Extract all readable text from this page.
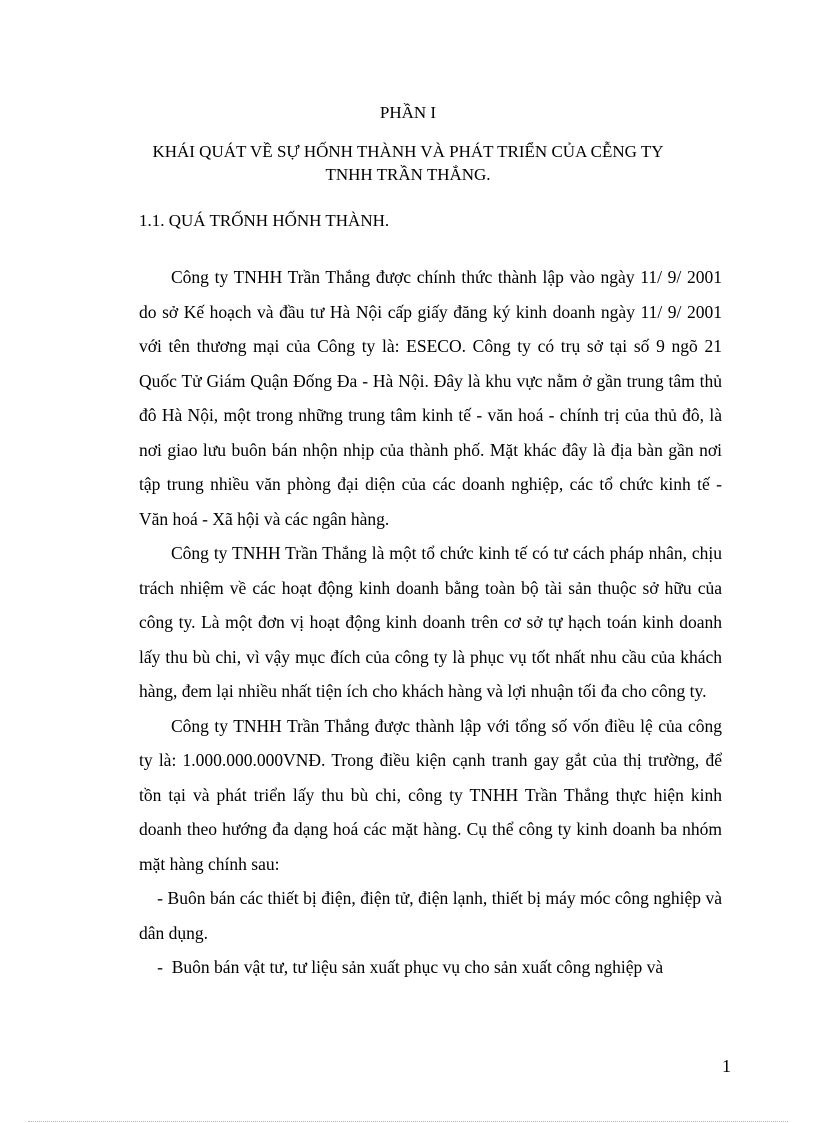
PHẦN I
KHÁI QUÁT VỀ SỰ HỐNH THÀNH VÀ PHÁT TRIỂN CỦA CỄNG TY TNHH TRẦN THẮNG.
1.1. QUÁ TRỐNH HỐNH THÀNH.

Công ty TNHH Trần Thắng được chính thức thành lập vào ngày 11/ 9/ 2001 do sở Kế hoạch và đầu tư Hà Nội cấp giấy đăng ký kinh doanh ngày 11/ 9/ 2001 với tên thương mại của Công ty là: ESECO. Công ty có trụ sở tại số 9 ngõ 21 Quốc Tử Giám Quận Đống Đa - Hà Nội. Đây là khu vực nằm ở gần trung tâm thủ đô Hà Nội, một trong những trung tâm kinh tế - văn hoá - chính trị của thủ đô, là nơi giao lưu buôn bán nhộn nhịp của thành phố. Mặt khác đây là địa bàn gần nơi tập trung nhiều văn phòng đại diện của các doanh nghiệp, các tổ chức kinh tế - Văn hoá - Xã hội và các ngân hàng.

Công ty TNHH Trần Thắng là một tổ chức kinh tế có tư cách pháp nhân, chịu trách nhiệm về các hoạt động kinh doanh bằng toàn bộ tài sản thuộc sở hữu của công ty. Là một đơn vị hoạt động kinh doanh trên cơ sở tự hạch toán kinh doanh lấy thu bù chi, vì vậy mục đích của công ty là phục vụ tốt nhất nhu cầu của khách hàng, đem lại nhiều nhất tiện ích cho khách hàng và lợi nhuận tối đa cho công ty.

Công ty TNHH Trần Thắng được thành lập với tổng số vốn điều lệ của công ty là: 1.000.000.000VNĐ. Trong điều kiện cạnh tranh gay gắt của thị trường, để tồn tại và phát triển lấy thu bù chi, công ty TNHH Trần Thắng thực hiện kinh doanh theo hướng đa dạng hoá các mặt hàng. Cụ thể công ty kinh doanh ba nhóm mặt hàng chính sau:

- Buôn bán các thiết bị điện, điện tử, điện lạnh, thiết bị máy móc công nghiệp và dân dụng.

- Buôn bán vật tư, tư liệu sản xuất phục vụ cho sản xuất công nghiệp và

1
